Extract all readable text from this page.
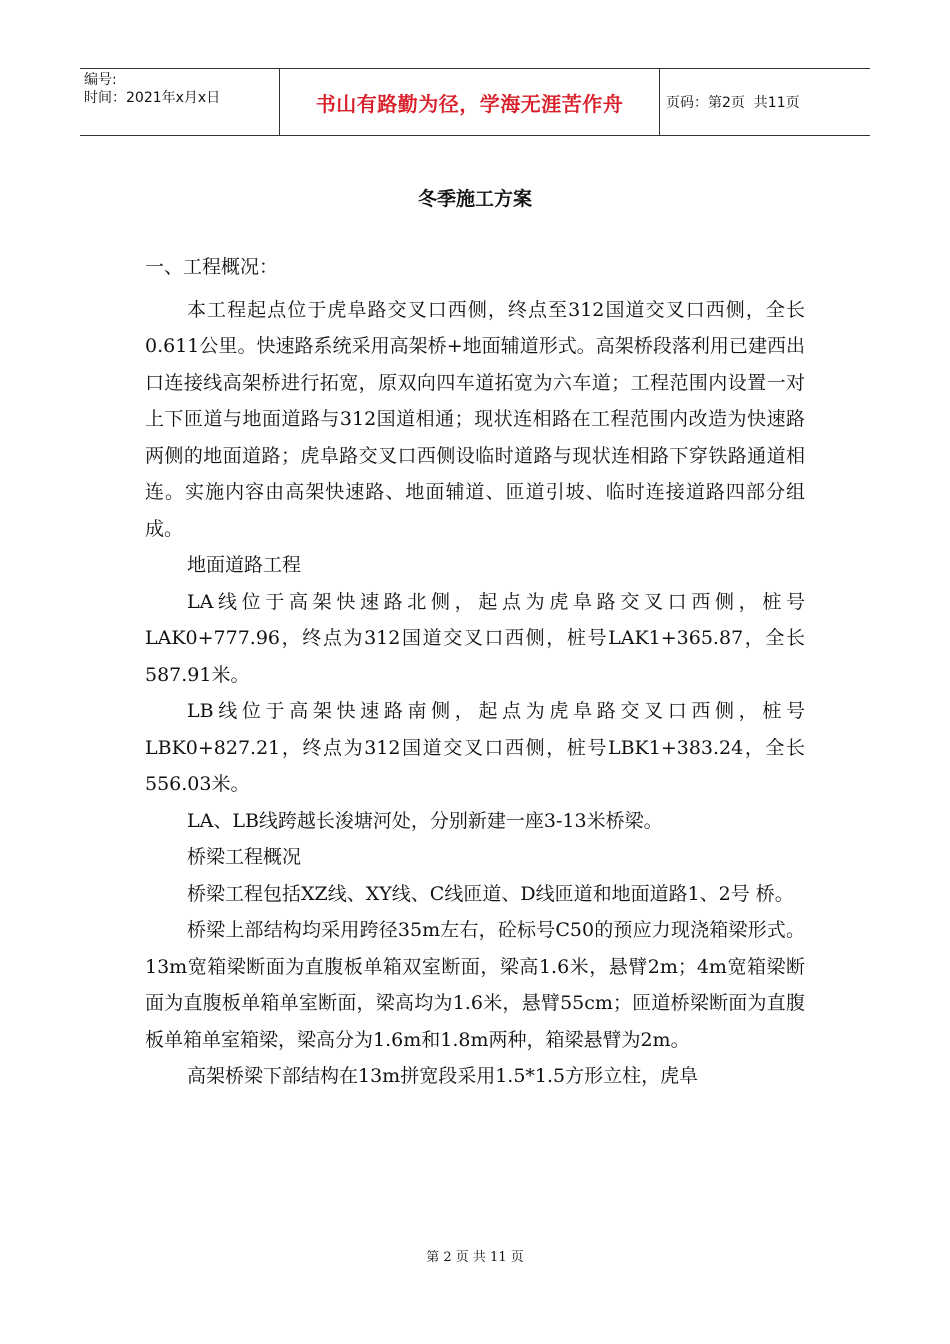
编号:
时间：2021年x月x日	书山有路勤为径，学海无涯苦作舟	页码：第2页  共11页
冬季施工方案

一、工程概况：

本工程起点位于虎阜路交叉口西侧，终点至312国道交叉口西侧，全长0.611公里。快速路系统采用高架桥+地面辅道形式。高架桥段落利用已建西出口连接线高架桥进行拓宽，原双向四车道拓宽为六车道；工程范围内设置一对上下匝道与地面道路与312国道相通；现状连相路在工程范围内改造为快速路两侧的地面道路；虎阜路交叉口西侧设临时道路与现状连相路下穿铁路通道相连。实施内容由高架快速路、地面辅道、匝道引坡、临时连接道路四部分组成。

地面道路工程

LA线位于高架快速路北侧，起点为虎阜路交叉口西侧，桩号LAK0+777.96，终点为312国道交叉口西侧，桩号LAK1+365.87，全长587.91米。

LB线位于高架快速路南侧，起点为虎阜路交叉口西侧，桩号LBK0+827.21，终点为312国道交叉口西侧，桩号LBK1+383.24，全长556.03米。

LA、LB线跨越长浚塘河处，分别新建一座3-13米桥梁。

桥梁工程概况

桥梁工程包括XZ线、XY线、C线匝道、D线匝道和地面道路1、2号 桥。

桥梁上部结构均采用跨径35m左右，砼标号C50的预应力现浇箱梁形式。13m宽箱梁断面为直腹板单箱双室断面，梁高1.6米，悬臂2m；4m宽箱梁断面为直腹板单箱单室断面，梁高均为1.6米，悬臂55cm；匝道桥梁断面为直腹板单箱单室箱梁，梁高分为1.6m和1.8m两种，箱梁悬臂为2m。

高架桥梁下部结构在13m拼宽段采用1.5*1.5方形立柱，虎阜

第 2 页 共 11 页
